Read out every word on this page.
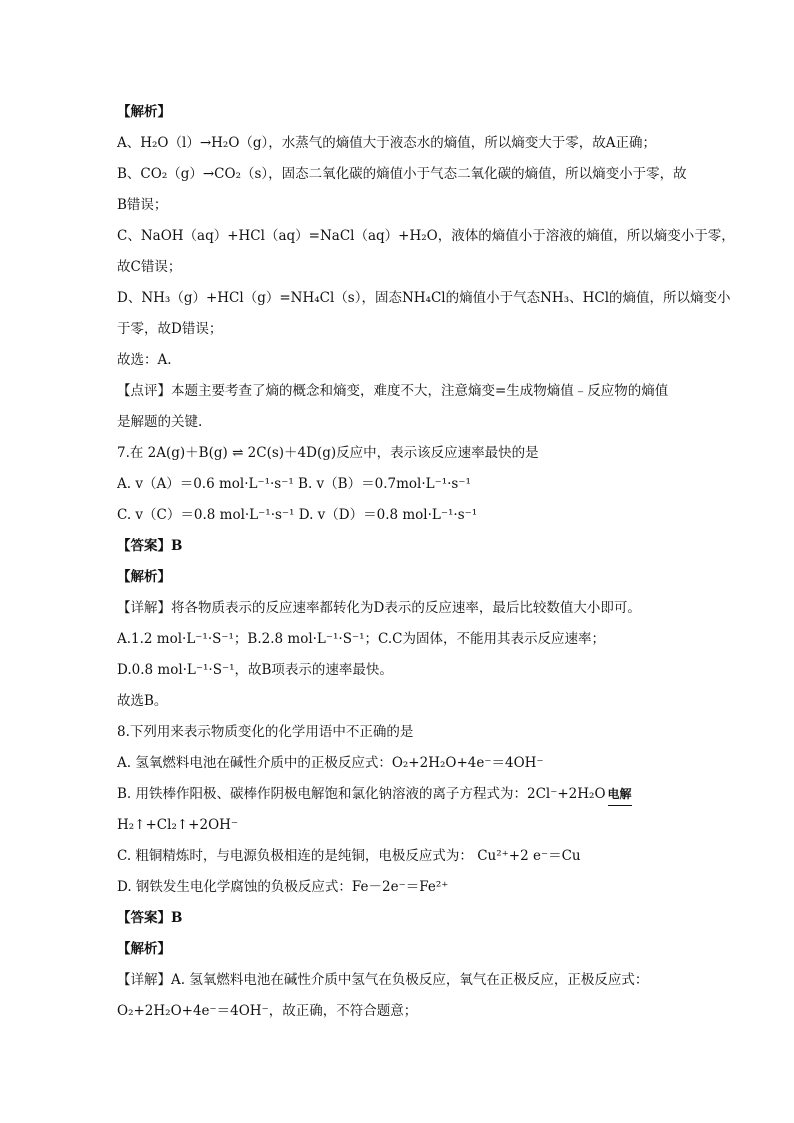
【解析】
A、H₂O（l）→H₂O（g），水蒸气的熵值大于液态水的熵值，所以熵变大于零，故A正确；
B、CO₂（g）→CO₂（s），固态二氧化碳的熵值小于气态二氧化碳的熵值，所以熵变小于零，故
B错误；
C、NaOH（aq）+HCl（aq）=NaCl（aq）+H₂O，液体的熵值小于溶液的熵值，所以熵变小于零，
故C错误；
D、NH₃（g）+HCl（g）=NH₄Cl（s），固态NH₄Cl的熵值小于气态NH₃、HCl的熵值，所以熵变小
于零，故D错误；
故选：A.
【点评】本题主要考查了熵的概念和熵变，难度不大，注意熵变=生成物熵值﹣反应物的熵值
是解题的关键.
7.在 2A(g)＋B(g) ⇌ 2C(s)＋4D(g)反应中，表示该反应速率最快的是
A. v（A）＝0.6 mol·L⁻¹·s⁻¹ B. v（B）＝0.7mol·L⁻¹·s⁻¹
C. v（C）＝0.8 mol·L⁻¹·s⁻¹ D. v（D）＝0.8 mol·L⁻¹·s⁻¹
【答案】B
【解析】
【详解】将各物质表示的反应速率都转化为D表示的反应速率，最后比较数值大小即可。
A.1.2 mol·L⁻¹·S⁻¹；B.2.8 mol·L⁻¹·S⁻¹；C.C为固体，不能用其表示反应速率；
D.0.8 mol·L⁻¹·S⁻¹，故B项表示的速率最快。
故选B。
8.下列用来表示物质变化的化学用语中不正确的是
A. 氢氧燃料电池在碱性介质中的正极反应式：O₂+2H₂O+4e⁻＝4OH⁻
B. 用铁棒作阳极、碳棒作阴极电解饱和氯化钠溶液的离子方程式为：2Cl⁻+2H₂O 电解
H₂↑+Cl₂↑+2OH⁻
C. 粗铜精炼时，与电源负极相连的是纯铜，电极反应式为： Cu²⁺+2 e⁻＝Cu
D. 钢铁发生电化学腐蚀的负极反应式：Fe－2e⁻＝Fe²⁺
【答案】B
【解析】
【详解】A. 氢氧燃料电池在碱性介质中氢气在负极反应，氧气在正极反应，正极反应式：
O₂+2H₂O+4e⁻＝4OH⁻，故正确，不符合题意；
